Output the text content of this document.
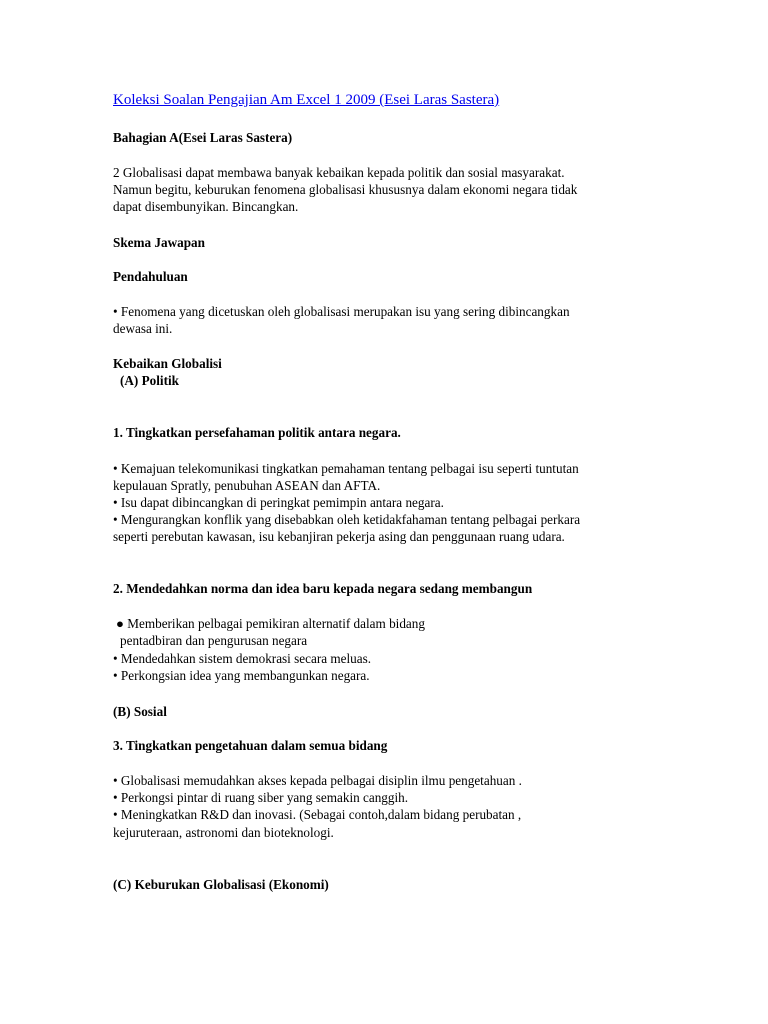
Koleksi Soalan Pengajian Am Excel 1 2009 (Esei Laras Sastera)
Bahagian A(Esei Laras Sastera)
2 Globalisasi dapat membawa banyak kebaikan kepada politik dan sosial masyarakat.
Namun begitu, keburukan fenomena globalisasi khususnya dalam ekonomi negara tidak
dapat disembunyikan. Bincangkan.
Skema Jawapan
Pendahuluan
• Fenomena yang dicetuskan oleh globalisasi merupakan isu yang sering dibincangkan
dewasa ini.
Kebaikan Globalisi
(A) Politik
1. Tingkatkan persefahaman politik antara negara.
• Kemajuan telekomunikasi tingkatkan pemahaman tentang pelbagai isu seperti tuntutan
kepulauan Spratly, penubuhan ASEAN dan AFTA.
• Isu dapat dibincangkan di peringkat pemimpin antara negara.
• Mengurangkan konflik yang disebabkan oleh ketidakfahaman tentang pelbagai perkara
seperti perebutan kawasan, isu kebanjiran pekerja asing dan penggunaan ruang udara.
2. Mendedahkan norma dan idea baru kepada negara sedang membangun
● Memberikan pelbagai pemikiran alternatif dalam bidang
pentadbiran dan pengurusan negara
• Mendedahkan sistem demokrasi secara meluas.
• Perkongsian idea yang membangunkan negara.
(B) Sosial
3. Tingkatkan pengetahuan dalam semua bidang
• Globalisasi memudahkan akses kepada pelbagai disiplin ilmu pengetahuan .
• Perkongsi pintar di ruang siber yang semakin canggih.
• Meningkatkan R&D dan inovasi. (Sebagai contoh,dalam bidang perubatan ,
kejuruteraan, astronomi dan bioteknologi.
(C) Keburukan Globalisasi (Ekonomi)
